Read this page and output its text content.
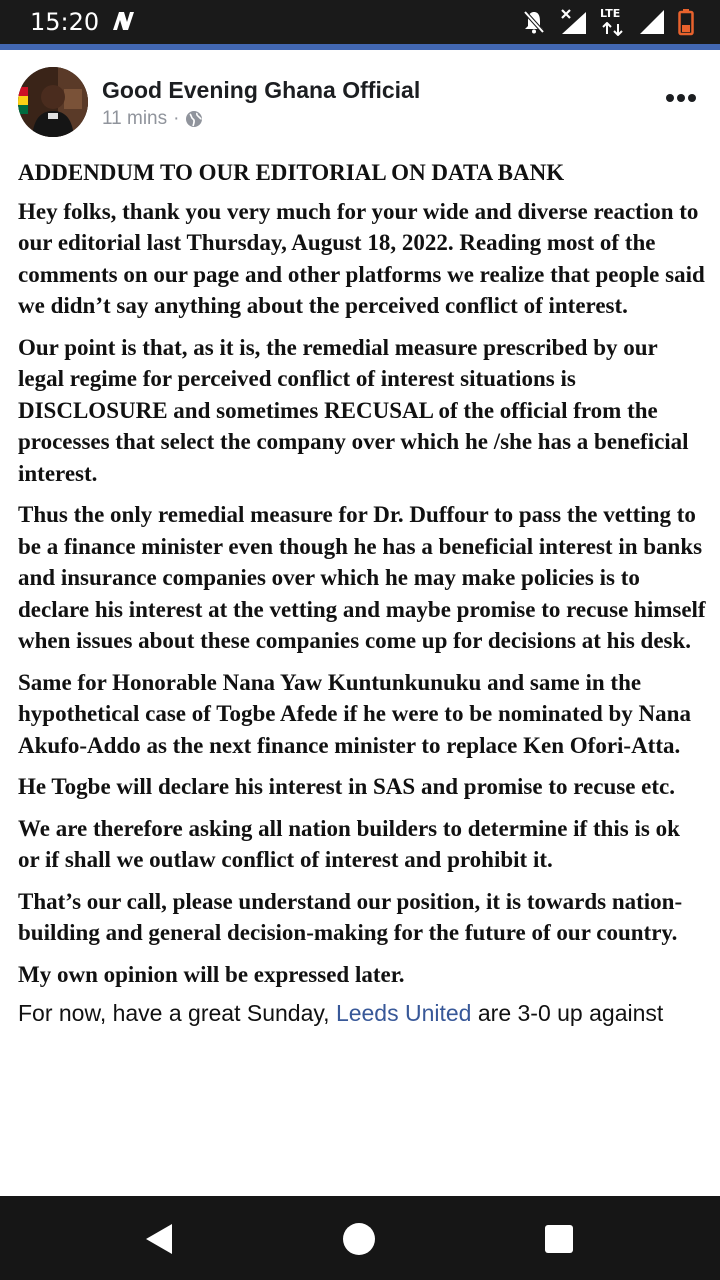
15:20	LTE
Good Evening Ghana Official
11 mins ·

ADDENDUM TO OUR EDITORIAL ON DATA BANK

Hey folks, thank you very much for your wide and diverse reaction to our editorial last Thursday, August 18, 2022. Reading most of the comments on our page and other platforms we realize that people said we didn’t say anything about the perceived conflict of interest.

Our point is that, as it is, the remedial measure prescribed by our legal regime for perceived conflict of interest situations is DISCLOSURE and sometimes RECUSAL of the official from the processes that select the company over which he /she has a beneficial interest.

Thus the only remedial measure for Dr. Duffour to pass the vetting to be a finance minister even though he has a beneficial interest in banks and insurance companies over which he may make policies is to declare his interest at the vetting and maybe promise to recuse himself when issues about these companies come up for decisions at his desk.

Same for Honorable Nana Yaw Kuntunkunuku and same in the hypothetical case of Togbe Afede if he were to be nominated by Nana Akufo-Addo as the next finance minister to replace Ken Ofori-Atta.

He Togbe will declare his interest in SAS and promise to recuse etc.

We are therefore asking all nation builders to determine if this is ok or if shall we outlaw conflict of interest and prohibit it.

That’s our call, please understand our position, it is towards nation-building and general decision-making for the future of our country.

My own opinion will be expressed later.

For now, have a great Sunday, Leeds United are 3-0 up against
